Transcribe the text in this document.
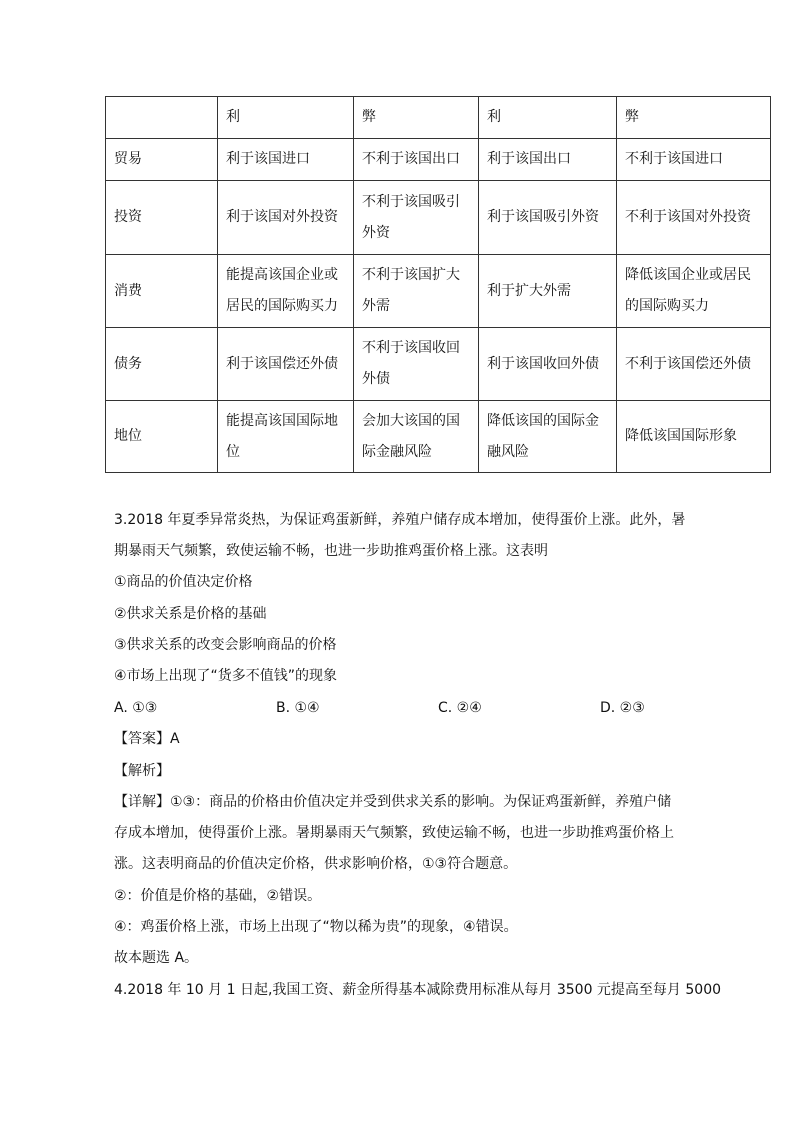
	利	弊	利	弊
贸易	利于该国进口	不利于该国出口	利于该国出口	不利于该国进口
投资	利于该国对外投资	不利于该国吸引外资	利于该国吸引外资	不利于该国对外投资
消费	能提高该国企业或居民的国际购买力	不利于该国扩大外需	利于扩大外需	降低该国企业或居民的国际购买力
债务	利于该国偿还外债	不利于该国收回外债	利于该国收回外债	不利于该国偿还外债
地位	能提高该国国际地位	会加大该国的国际金融风险	降低该国的国际金融风险	降低该国国际形象
3.2018 年夏季异常炎热，为保证鸡蛋新鲜，养殖户储存成本增加，使得蛋价上涨。此外，暑
期暴雨天气频繁，致使运输不畅，也进一步助推鸡蛋价格上涨。这表明
①商品的价值决定价格
②供求关系是价格的基础
③供求关系的改变会影响商品的价格
④市场上出现了“货多不值钱”的现象
A. ①③	B. ①④	C. ②④	D. ②③
【答案】A
【解析】
【详解】①③：商品的价格由价值决定并受到供求关系的影响。为保证鸡蛋新鲜，养殖户储
存成本增加，使得蛋价上涨。暑期暴雨天气频繁，致使运输不畅，也进一步助推鸡蛋价格上
涨。这表明商品的价值决定价格，供求影响价格，①③符合题意。
②：价值是价格的基础，②错误。
④：鸡蛋价格上涨，市场上出现了“物以稀为贵”的现象，④错误。
故本题选 A。
4.2018 年 10 月 1 日起,我国工资、薪金所得基本减除费用标准从每月 3500 元提高至每月 5000
